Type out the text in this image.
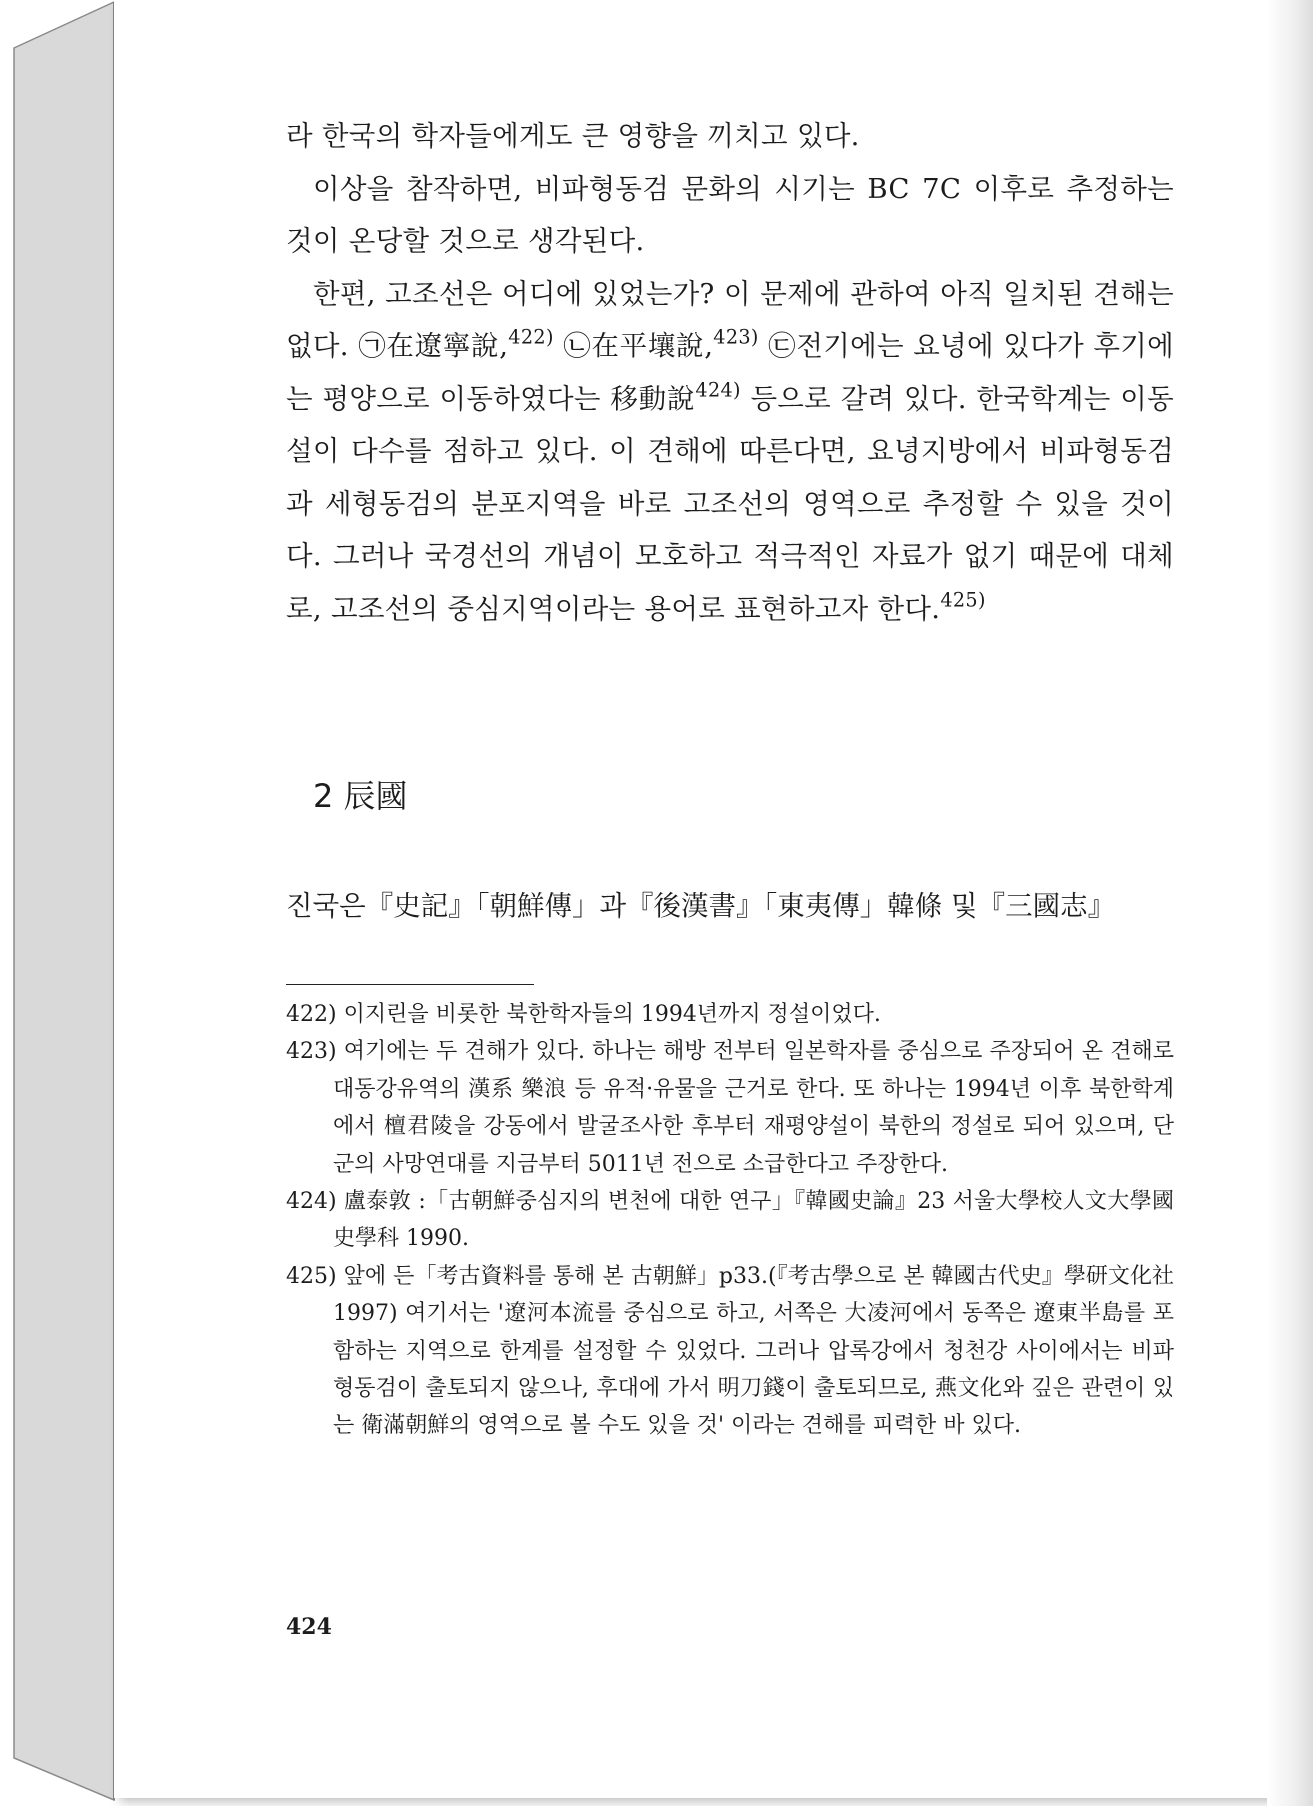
라 한국의 학자들에게도 큰 영향을 끼치고 있다.

이상을 참작하면, 비파형동검 문화의 시기는 BC 7C 이후로 추정하는 것이 온당할 것으로 생각된다.

한편, 고조선은 어디에 있었는가? 이 문제에 관하여 아직 일치된 견해는 없다. ㉠在遼寧說,$^{422)}$ ㉡在平壤說,$^{423)}$ ㉢전기에는 요녕에 있다가 후기에는 평양으로 이동하였다는 移動說$^{424)}$ 등으로 갈려 있다. 한국학계는 이동설이 다수를 점하고 있다. 이 견해에 따른다면, 요녕지방에서 비파형동검과 세형동검의 분포지역을 바로 고조선의 영역으로 추정할 수 있을 것이다. 그러나 국경선의 개념이 모호하고 적극적인 자료가 없기 때문에 대체로, 고조선의 중심지역이라는 용어로 표현하고자 한다.$^{425)}$

2 辰國
진국은『史記』「朝鮮傳」과『後漢書』「東夷傳」韓條 및『三國志』

422) 이지린을 비롯한 북한학자들의 1994년까지 정설이었다.

423) 여기에는 두 견해가 있다. 하나는 해방 전부터 일본학자를 중심으로 주장되어 온 견해로 대동강유역의 漢系 樂浪 등 유적·유물을 근거로 한다. 또 하나는 1994년 이후 북한학계에서 檀君陵을 강동에서 발굴조사한 후부터 재평양설이 북한의 정설로 되어 있으며, 단군의 사망연대를 지금부터 5011년 전으로 소급한다고 주장한다.

424) 盧泰敦 :「古朝鮮중심지의 변천에 대한 연구」『韓國史論』23 서울大學校人文大學國史學科 1990.

425) 앞에 든「考古資料를 통해 본 古朝鮮」p33.(『考古學으로 본 韓國古代史』學研文化社 1997) 여기서는 '遼河本流를 중심으로 하고, 서쪽은 大凌河에서 동쪽은 遼東半島를 포함하는 지역으로 한계를 설정할 수 있었다. 그러나 압록강에서 청천강 사이에서는 비파형동검이 출토되지 않으나, 후대에 가서 明刀錢이 출토되므로, 燕文化와 깊은 관련이 있는 衛滿朝鮮의 영역으로 볼 수도 있을 것' 이라는 견해를 피력한 바 있다.

424
